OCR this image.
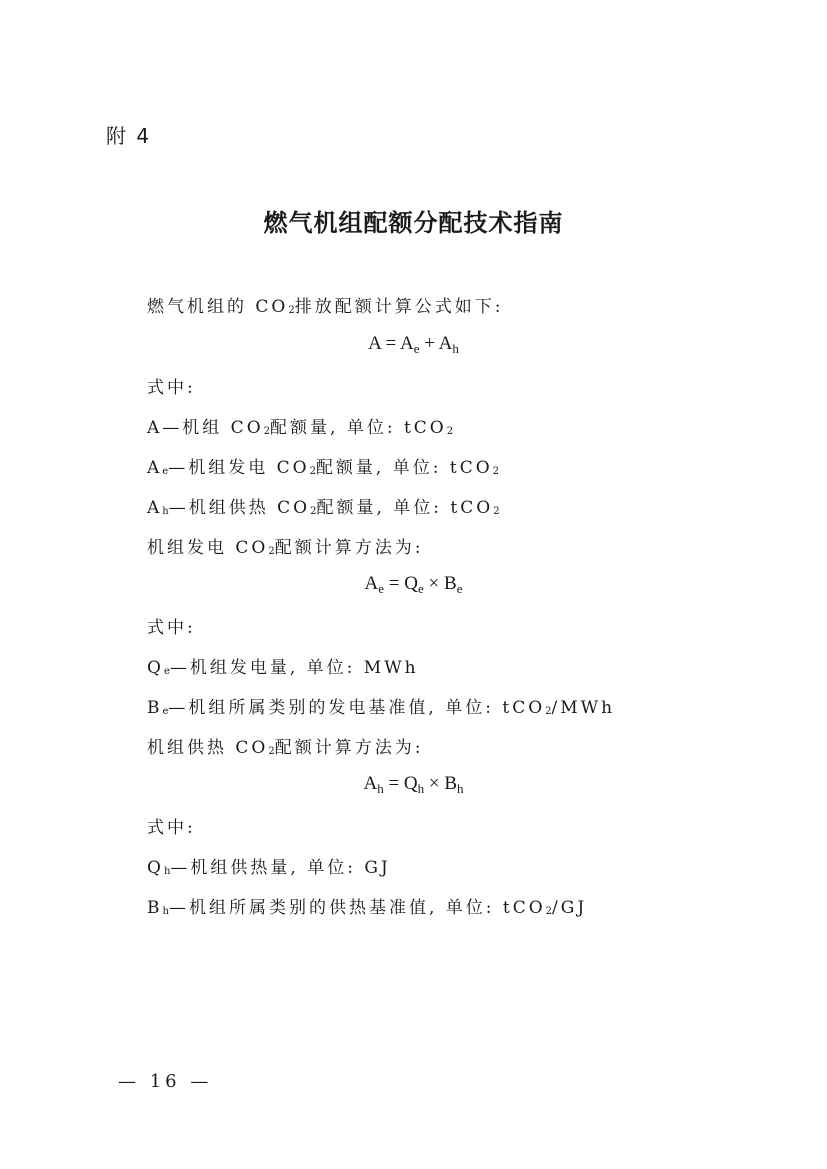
附 4
燃气机组配额分配技术指南
燃气机组的 $CO_2$排放配额计算公式如下:
$A = A_e + A_h$
式中:
A—机组 $CO_2$配额量, 单位: tCO$_2$
$A_e—$机组发电 $CO_2$配额量, 单位: tCO$_2$
$A_h—$机组供热 $CO_2$配额量, 单位: tCO$_2$
机组发电 $CO_2$配额计算方法为:
$A_e = Q_e \times B_e$
式中:
$Q_e—$机组发电量, 单位: MWh
$B_e—$机组所属类别的发电基准值, 单位: tCO$_2$/MWh
机组供热 $CO_2$配额计算方法为:
$A_h = Q_h \times B_h$
式中:
$Q_h—$机组供热量, 单位: GJ
$B_h—$机组所属类别的供热基准值, 单位: tCO$_2$/GJ
— 16 —
